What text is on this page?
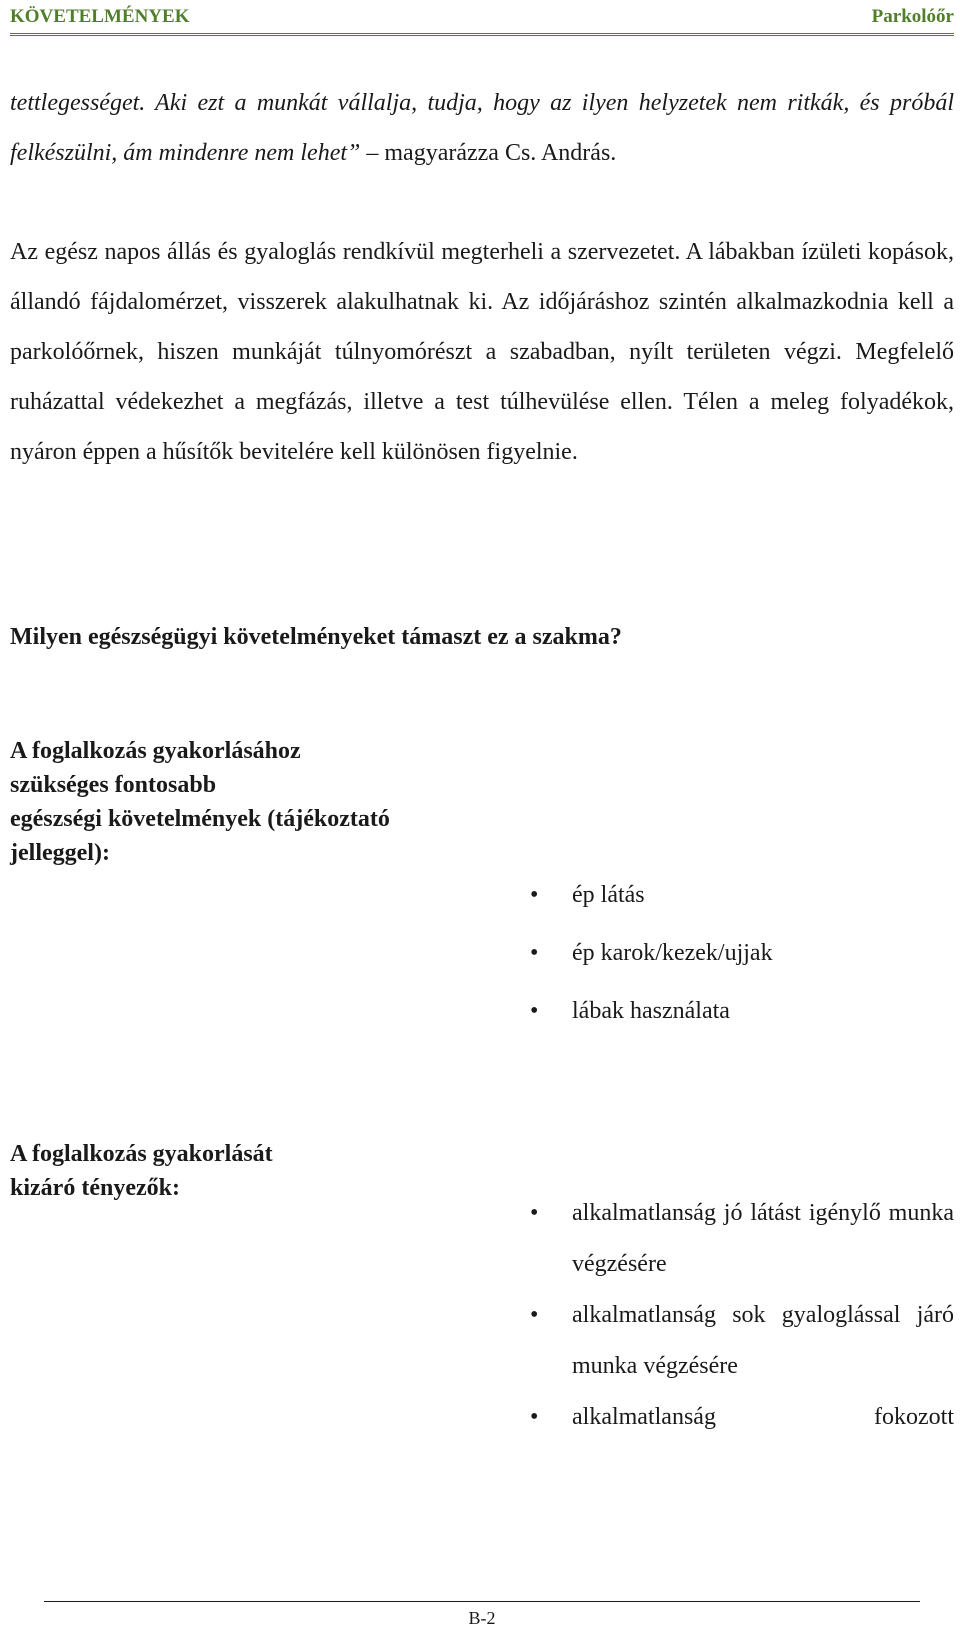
KÖVETELMÉNYEK	Parkolóőr
tettlegességet. Aki ezt a munkát vállalja, tudja, hogy az ilyen helyzetek nem ritkák, és próbál felkészülni, ám mindenre nem lehet” – magyarázza Cs. András.
Az egész napos állás és gyaloglás rendkívül megterheli a szervezetet. A lábakban ízületi kopások, állandó fájdalomérzet, visszerek alakulhatnak ki. Az időjáráshoz szintén alkalmazkodnia kell a parkolóőrnek, hiszen munkáját túlnyomórészt a szabadban, nyílt területen végzi. Megfelelő ruházattal védekezhet a megfázás, illetve a test túlhevülése ellen. Télen a meleg folyadékok, nyáron éppen a hűsítők bevitelére kell különösen figyelnie.
Milyen egészségügyi követelményeket támaszt ez a szakma?
A foglalkozás gyakorlásához
szükséges fontosabb
egészségi követelmények (tájékoztató
jelleggel):
• ép látás
• ép karok/kezek/ujjak
• lábak használata
A foglalkozás gyakorlását
kizáró tényezők:
• alkalmatlanság jó látást igénylő munka végzésére
• alkalmatlanság sok gyaloglással járó munka végzésére
• alkalmatlanság fokozott
B-2
